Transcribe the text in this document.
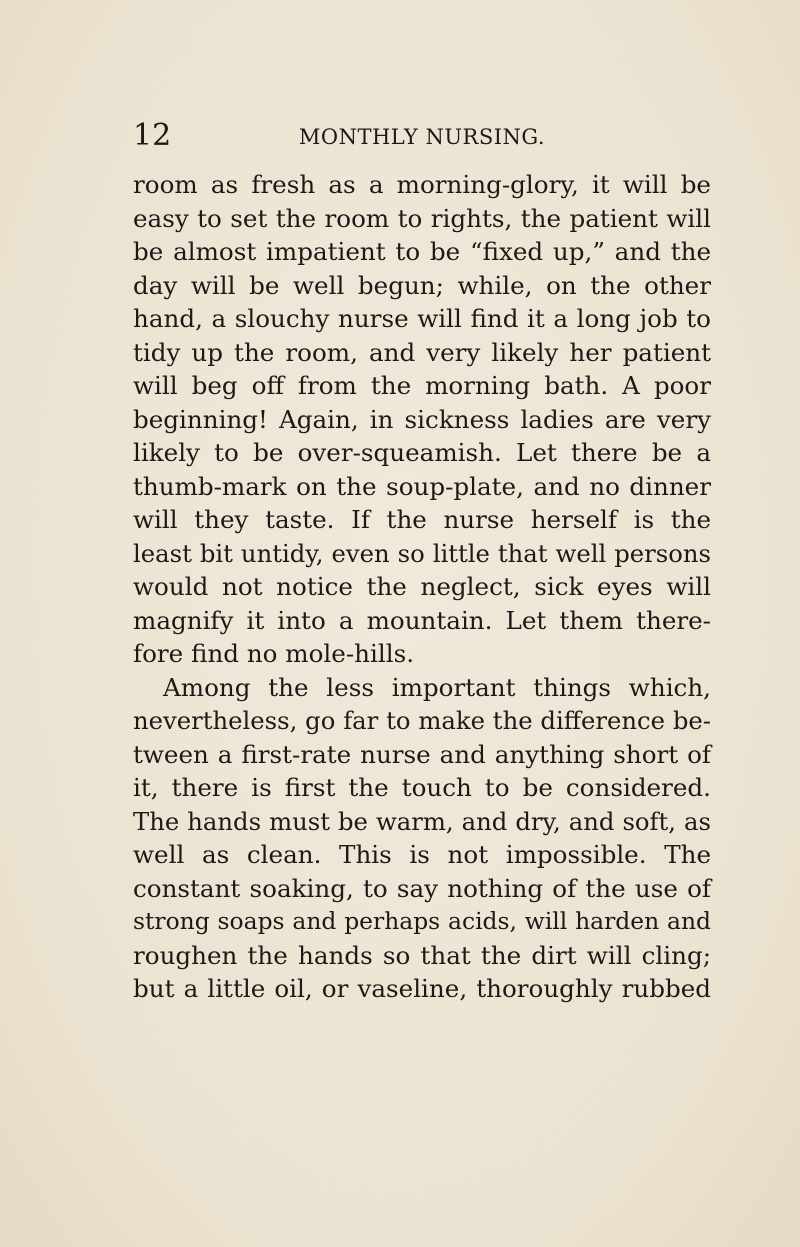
12	MONTHLY NURSING.
room as fresh as a morning-glory, it will be
easy to set the room to rights, the patient will
be almost impatient to be “fixed up,” and the
day will be well begun; while, on the other
hand, a slouchy nurse will find it a long job to
tidy up the room, and very likely her patient
will beg off from the morning bath. A poor
beginning! Again, in sickness ladies are very
likely to be over-squeamish. Let there be a
thumb-mark on the soup-plate, and no dinner
will they taste. If the nurse herself is the
least bit untidy, even so little that well persons
would not notice the neglect, sick eyes will
magnify it into a mountain. Let them there-
fore find no mole-hills.
Among the less important things which,
nevertheless, go far to make the difference be-
tween a first-rate nurse and anything short of
it, there is first the touch to be considered.
The hands must be warm, and dry, and soft, as
well as clean. This is not impossible. The
constant soaking, to say nothing of the use of
strong soaps and perhaps acids, will harden and
roughen the hands so that the dirt will cling;
but a little oil, or vaseline, thoroughly rubbed
